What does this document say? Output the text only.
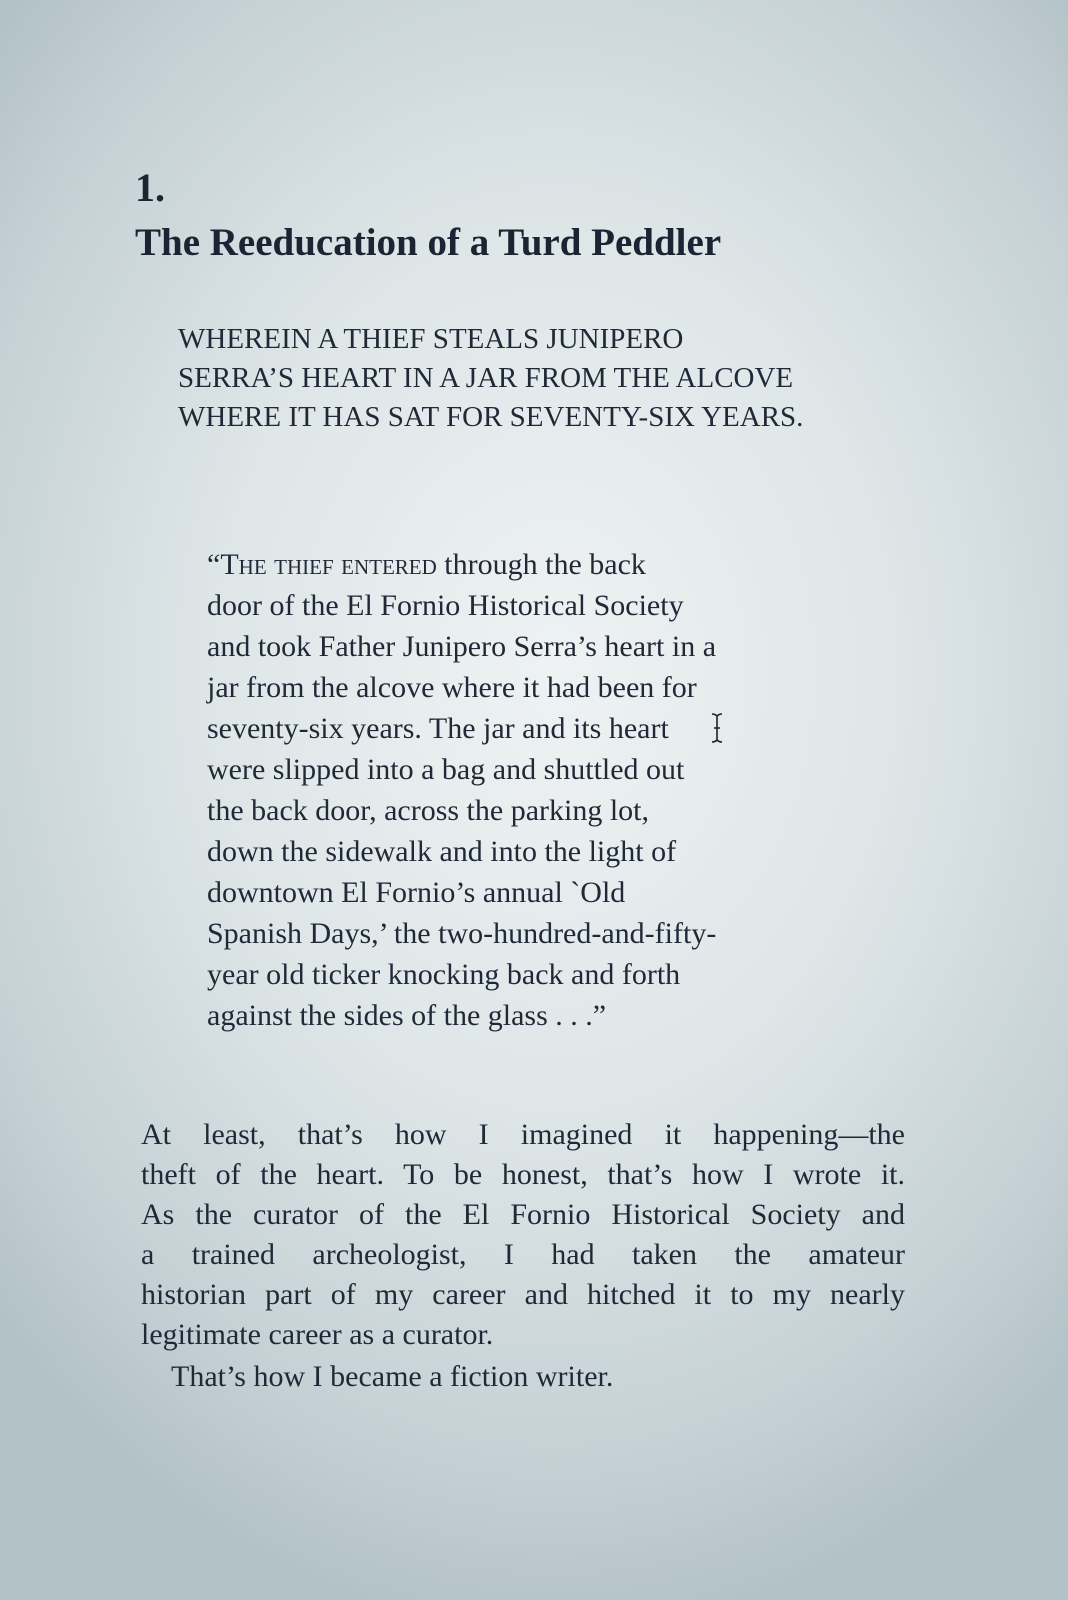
1.
The Reeducation of a Turd Peddler
WHEREIN A THIEF STEALS JUNIPERO
SERRA’S HEART IN A JAR FROM THE ALCOVE
WHERE IT HAS SAT FOR SEVENTY-SIX YEARS.
“The thief entered through the back
door of the El Fornio Historical Society
and took Father Junipero Serra’s heart in a
jar from the alcove where it had been for
seventy-six years. The jar and its heart
were slipped into a bag and shuttled out
the back door, across the parking lot,
down the sidewalk and into the light of
downtown El Fornio’s annual `Old
Spanish Days,’ the two-hundred-and-fifty-
year old ticker knocking back and forth
against the sides of the glass . . .”
At least, that’s how I imagined it happening—the
theft of the heart. To be honest, that’s how I wrote it.
As the curator of the El Fornio Historical Society and
a trained archeologist, I had taken the amateur
historian part of my career and hitched it to my nearly
legitimate career as a curator.
That’s how I became a fiction writer.
